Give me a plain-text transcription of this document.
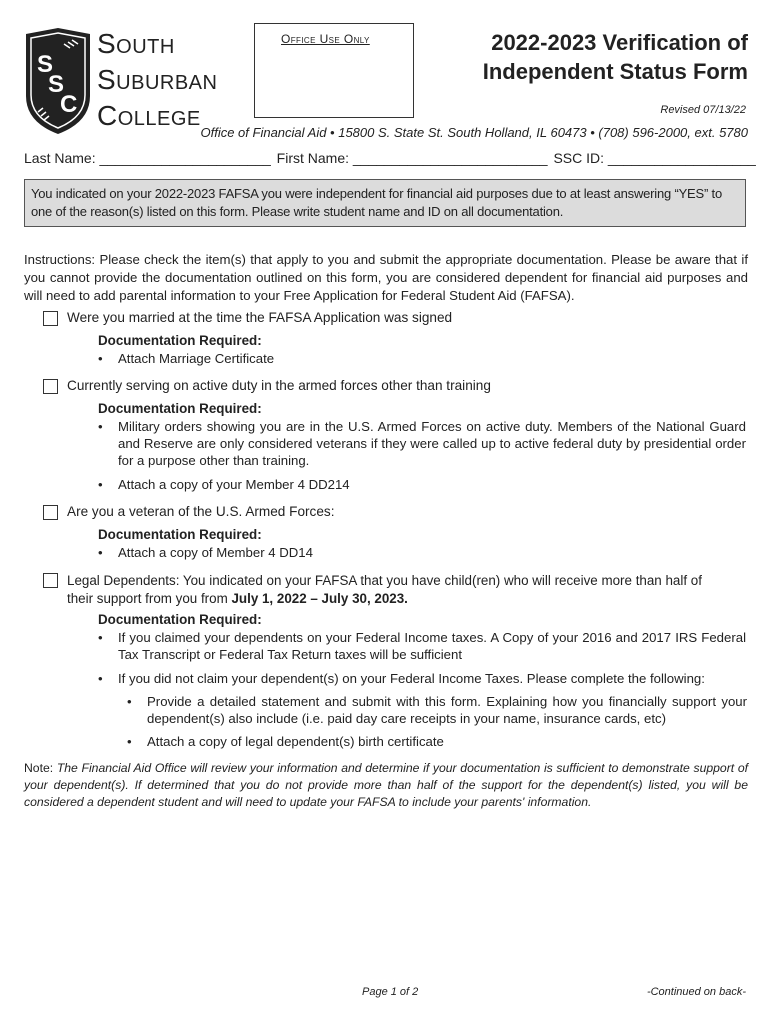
S
S
C
South
Suburban
College
Office Use Only	2022-2023 Verification of
Independent Status Form
Revised 07/13/22
Office of Financial Aid • 15800 S. State St. South Holland, IL 60473 • (708) 596-2000, ext. 5780
Last Name: ______________________ First Name: _________________________ SSC ID: ___________________
You indicated on your 2022-2023 FAFSA you were independent for financial aid purposes due to at least answering “YES” to one of the reason(s) listed on this form. Please write student name and ID on all documentation.
Instructions: Please check the item(s) that apply to you and submit the appropriate documentation. Please be aware that if you cannot provide the documentation outlined on this form, you are considered dependent for financial aid purposes and will need to add parental information to your Free Application for Federal Student Aid (FAFSA).
Were you married at the time the FAFSA Application was signed
Documentation Required:
• Attach Marriage Certificate
Currently serving on active duty in the armed forces other than training
Documentation Required:
• Military orders showing you are in the U.S. Armed Forces on active duty. Members of the National Guard and Reserve are only considered veterans if they were called up to active federal duty by presidential order for a purpose other than training.
• Attach a copy of your Member 4 DD214
Are you a veteran of the U.S. Armed Forces:
Documentation Required:
• Attach a copy of Member 4 DD14
Legal Dependents: You indicated on your FAFSA that you have child(ren) who will receive more than half of their support from you from July 1, 2022 – July 30, 2023.
Documentation Required:
• If you claimed your dependents on your Federal Income taxes. A Copy of your 2016 and 2017 IRS Federal Tax Transcript or Federal Tax Return taxes will be sufficient
• If you did not claim your dependent(s) on your Federal Income Taxes. Please complete the following:
• Provide a detailed statement and submit with this form. Explaining how you financially support your dependent(s) also include (i.e. paid day care receipts in your name, insurance cards, etc)
• Attach a copy of legal dependent(s) birth certificate
Note: The Financial Aid Office will review your information and determine if your documentation is sufficient to demonstrate support of your dependent(s). If determined that you do not provide more than half of the support for the dependent(s) listed, you will be considered a dependent student and will need to update your FAFSA to include your parents' information.
Page 1 of 2	-Continued on back-
